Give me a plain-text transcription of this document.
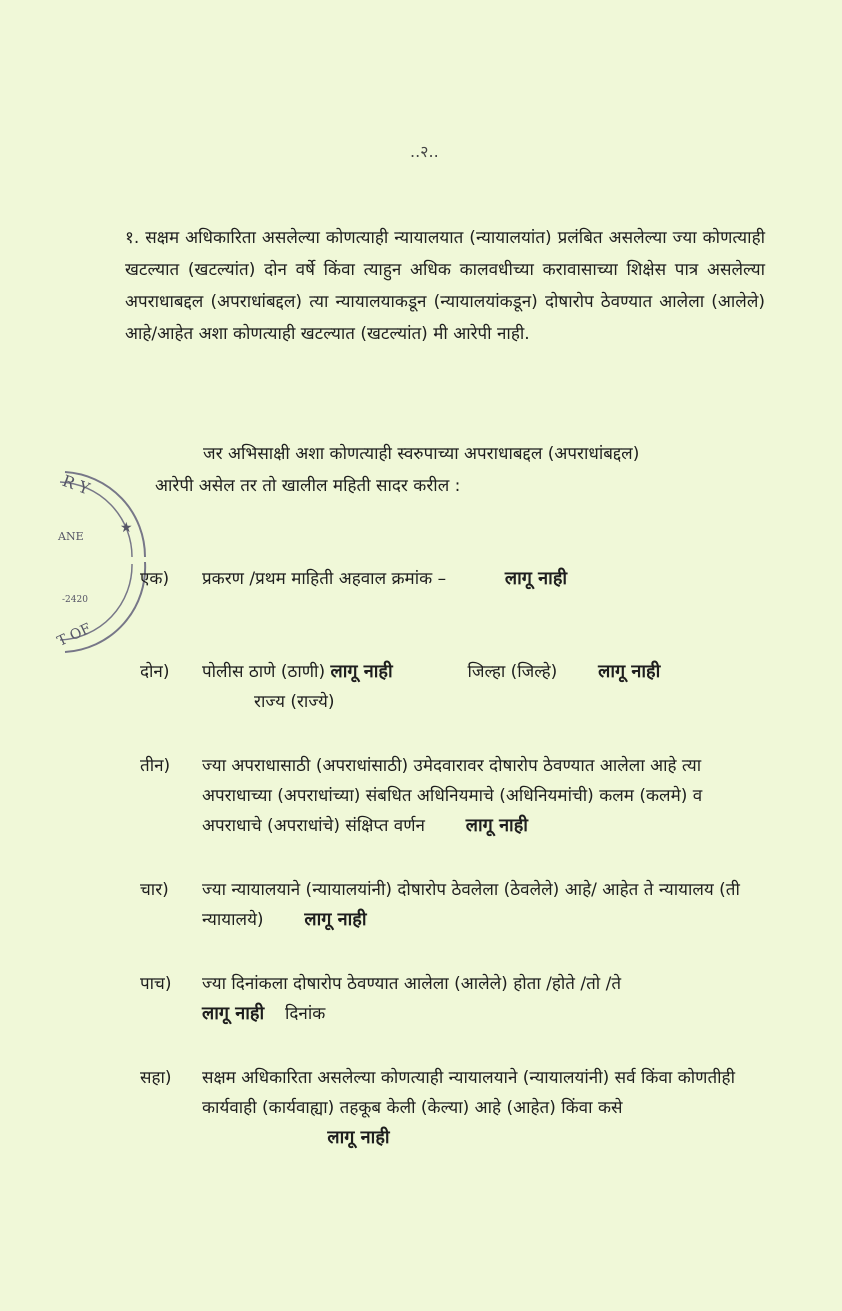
..२..
१. सक्षम अधिकारिता असलेल्या कोणत्याही न्यायालयात (न्यायालयांत) प्रलंबित असलेल्या ज्या कोणत्याही खटल्यात (खटल्यांत) दोन वर्षे किंवा त्याहुन अधिक कालवधीच्या करावासाच्या शिक्षेस पात्र असलेल्या अपराधाबद्दल (अपराधांबद्दल) त्या न्यायालयाकडून (न्यायालयांकडून) दोषारोप ठेवण्यात आलेला (आलेले) आहे/आहेत अशा कोणत्याही खटल्यात (खटल्यांत) मी आरेपी नाही.
जर अभिसाक्षी अशा कोणत्याही स्वरुपाच्या अपराधाबद्दल (अपराधांबद्दल)
आरेपी असेल तर तो खालील महिती सादर करील :
R Y
★
ANE
-2420
T OF
एक) प्रकरण /प्रथम माहिती अहवाल क्रमांक –	लागू नाही
दोन) पोलीस ठाणे (ठाणी) लागू नाही	जिल्हा (जिल्हे) लागू नाही
राज्य (राज्ये)
तीन) ज्या अपराधासाठी (अपराधांसाठी) उमेदवारावर दोषारोप ठेवण्यात आलेला आहे त्या अपराधाच्या (अपराधांच्या) संबधित अधिनियमाचे (अधिनियमांची) कलम (कलमे) व अपराधाचे (अपराधांचे) संक्षिप्त वर्णन लागू नाही
चार) ज्या न्यायालयाने (न्यायालयांनी) दोषारोप ठेवलेला (ठेवलेले) आहे/ आहेत ते न्यायालय (ती न्यायालये) लागू नाही
पाच) ज्या दिनांकला दोषारोप ठेवण्यात आलेला (आलेले) होता /होते /तो /ते
लागू नाही दिनांक
सहा) सक्षम अधिकारिता असलेल्या कोणत्याही न्यायालयाने (न्यायालयांनी) सर्व किंवा कोणतीही कार्यवाही (कार्यवाह्या) तहकूब केली (केल्या) आहे (आहेत) किंवा कसे  लागू नाही
